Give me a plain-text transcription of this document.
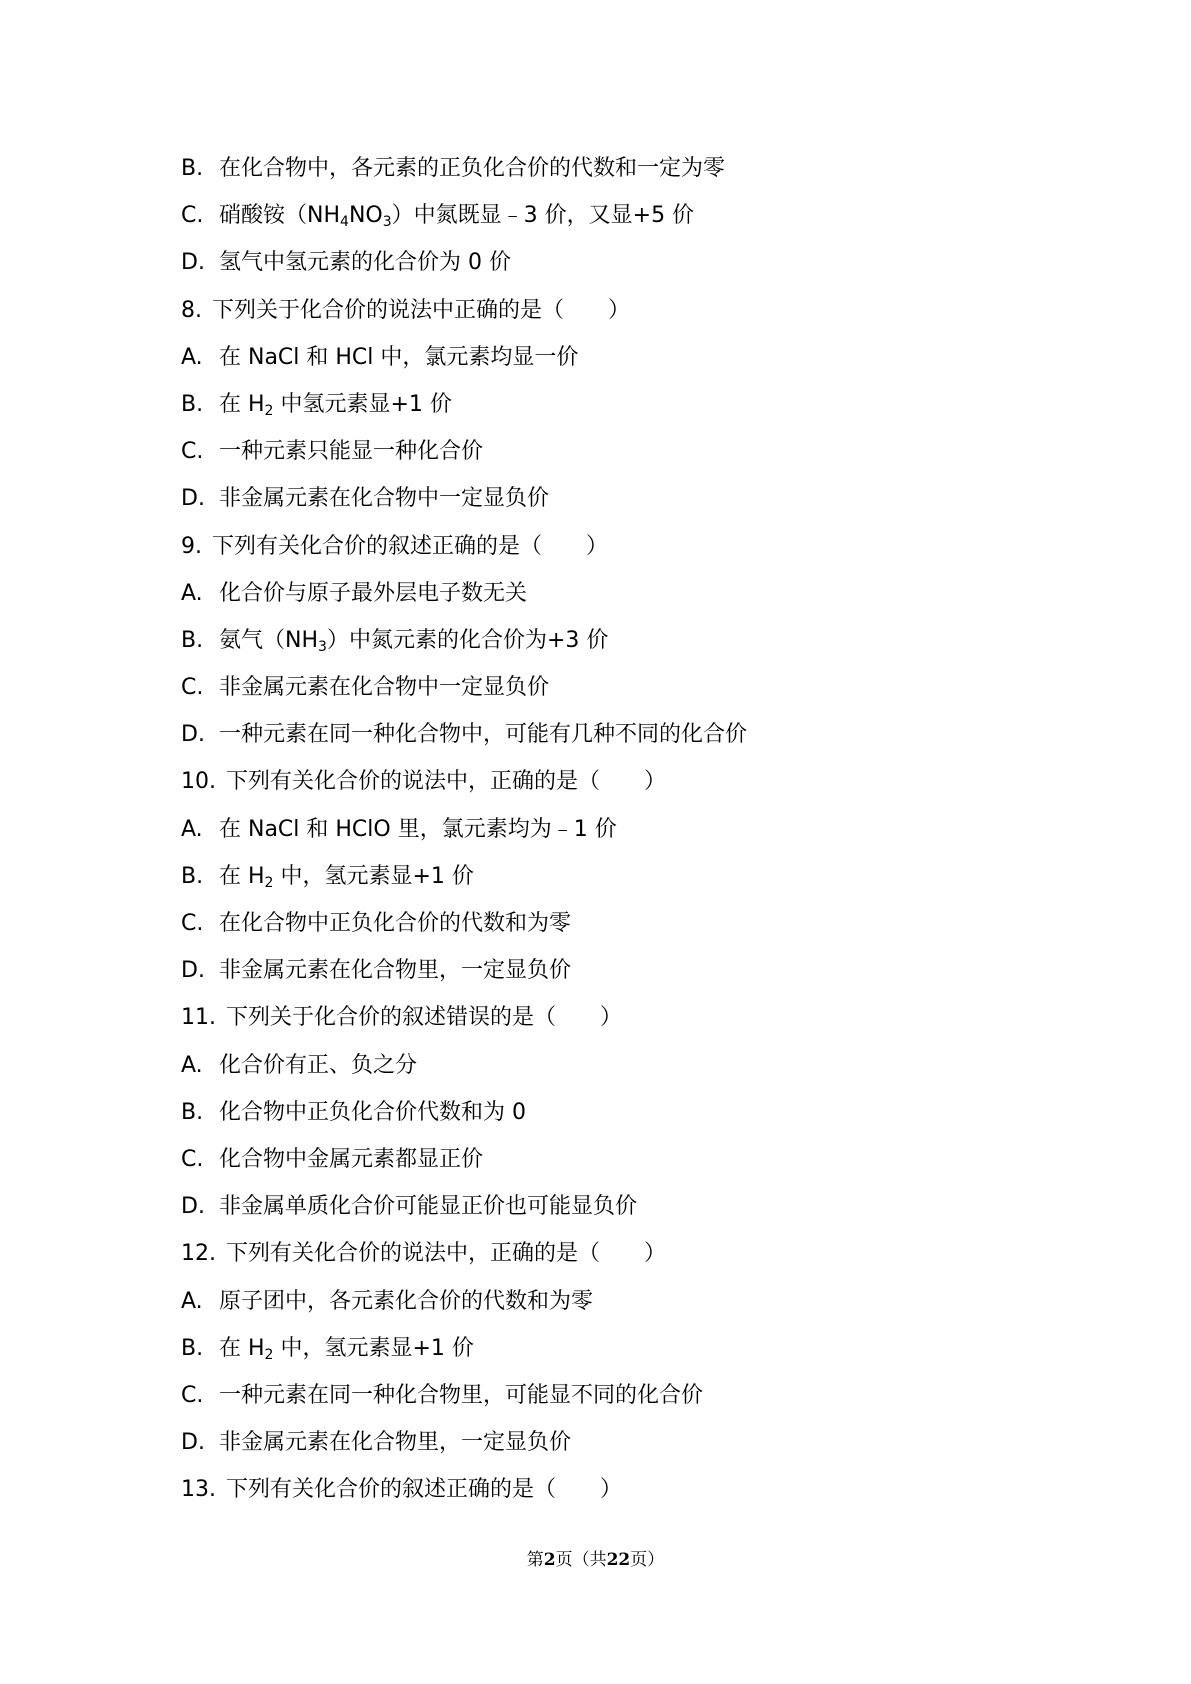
B. 在化合物中，各元素的正负化合价的代数和一定为零
C. 硝酸铵$(NH_4NO_3)$中氮既显﹣3 价，又显+5 价
D. 氢气中氢元素的化合价为 0 价
8. 下列关于化合价的说法中正确的是（　　）
A. 在 NaCl 和 HCl 中，氯元素均显一价
B. 在 $H_2$ 中氢元素显+1 价
C. 一种元素只能显一种化合价
D. 非金属元素在化合物中一定显负价
9. 下列有关化合价的叙述正确的是（　　）
A. 化合价与原子最外层电子数无关
B. 氨气$(NH_3)$中氮元素的化合价为+3 价
C. 非金属元素在化合物中一定显负价
D. 一种元素在同一种化合物中，可能有几种不同的化合价
10. 下列有关化合价的说法中，正确的是（　　）
A. 在 NaCl 和 HClO 里，氯元素均为﹣1 价
B. 在 $H_2$ 中，氢元素显+1 价
C. 在化合物中正负化合价的代数和为零
D. 非金属元素在化合物里，一定显负价
11. 下列关于化合价的叙述错误的是（　　）
A. 化合价有正、负之分
B. 化合物中正负化合价代数和为 0
C. 化合物中金属元素都显正价
D. 非金属单质化合价可能显正价也可能显负价
12. 下列有关化合价的说法中，正确的是（　　）
A. 原子团中，各元素化合价的代数和为零
B. 在 $H_2$ 中，氢元素显+1 价
C. 一种元素在同一种化合物里，可能显不同的化合价
D. 非金属元素在化合物里，一定显负价
13. 下列有关化合价的叙述正确的是（　　）
第2页（共22页）
